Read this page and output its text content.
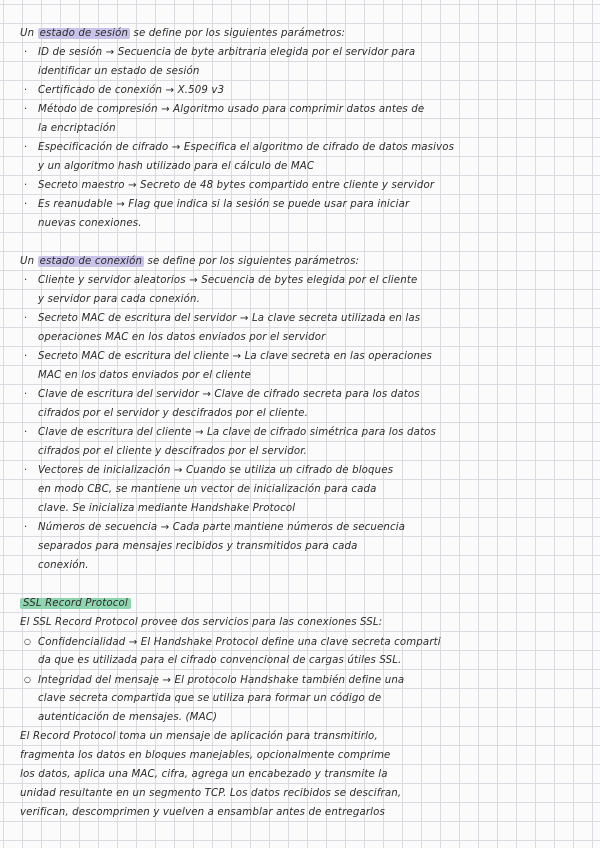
Un estado de sesión se define por los siguientes parámetros:
· ID de sesión → Secuencia de byte arbitraria elegida por el servidor para
identificar un estado de sesión
· Certificado de conexión → X.509 v3
· Método de compresión → Algoritmo usado para comprimir datos antes de
la encriptación
· Especificación de cifrado → Especifica el algoritmo de cifrado de datos masivos
y un algoritmo hash utilizado para el cálculo de MAC
· Secreto maestro → Secreto de 48 bytes compartido entre cliente y servidor
· Es reanudable → Flag que indica si la sesión se puede usar para iniciar
nuevas conexiones.
Un estado de conexión se define por los siguientes parámetros:
· Cliente y servidor aleatorios → Secuencia de bytes elegida por el cliente
y servidor para cada conexión.
· Secreto MAC de escritura del servidor → La clave secreta utilizada en las
operaciones MAC en los datos enviados por el servidor
· Secreto MAC de escritura del cliente → La clave secreta en las operaciones
MAC en los datos enviados por el cliente
· Clave de escritura del servidor → Clave de cifrado secreta para los datos
cifrados por el servidor y descifrados por el cliente.
· Clave de escritura del cliente → La clave de cifrado simétrica para los datos
cifrados por el cliente y descifrados por el servidor.
· Vectores de inicialización → Cuando se utiliza un cifrado de bloques
en modo CBC, se mantiene un vector de inicialización para cada
clave. Se inicializa mediante Handshake Protocol
· Números de secuencia → Cada parte mantiene números de secuencia
separados para mensajes recibidos y transmitidos para cada
conexión.
SSL Record Protocol
El SSL Record Protocol provee dos servicios para las conexiones SSL:
○ Confidencialidad → El Handshake Protocol define una clave secreta comparti
da que es utilizada para el cifrado convencional de cargas útiles SSL.
○ Integridad del mensaje → El protocolo Handshake también define una
clave secreta compartida que se utiliza para formar un código de
autenticación de mensajes. (MAC)
El Record Protocol toma un mensaje de aplicación para transmitirlo,
fragmenta los datos en bloques manejables, opcionalmente comprime
los datos, aplica una MAC, cifra, agrega un encabezado y transmite la
unidad resultante en un segmento TCP. Los datos recibidos se descifran,
verifican, descomprimen y vuelven a ensamblar antes de entregarlos
